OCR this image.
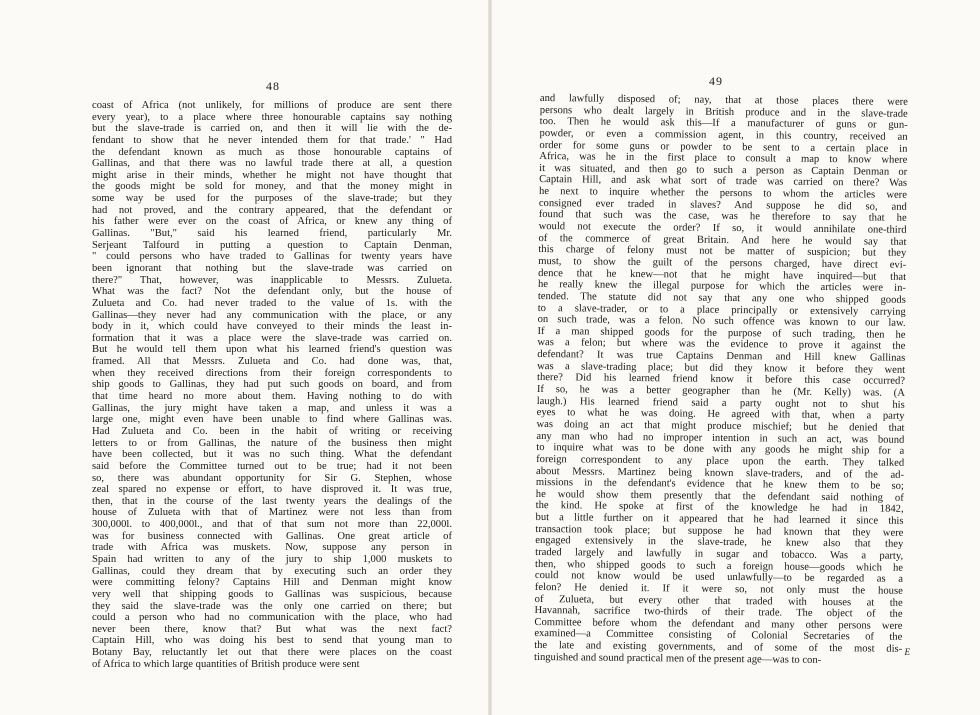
48
coast of Africa (not unlikely, for millions of produce are sent there
every year), to a place where three honourable captains say nothing
but the slave-trade is carried on, and then it will lie with the de-
fendant to show that he never intended them for that trade.' " Had
the defendant known as much as those honourable captains of
Gallinas, and that there was no lawful trade there at all, a question
might arise in their minds, whether he might not have thought that
the goods might be sold for money, and that the money might in
some way be used for the purposes of the slave-trade; but they
had not proved, and the contrary appeared, that the defendant or
his father were ever on the coast of Africa, or knew any thing of
Gallinas. "But," said his learned friend, particularly Mr.
Serjeant Talfourd in putting a question to Captain Denman,
" could persons who have traded to Gallinas for twenty years have
been ignorant that nothing but the slave-trade was carried on
there?" That, however, was inapplicable to Messrs. Zulueta.
What was the fact? Not the defendant only, but the house of
Zulueta and Co. had never traded to the value of 1s. with the
Gallinas—they never had any communication with the place, or any
body in it, which could have conveyed to their minds the least in-
formation that it was a place were the slave-trade was carried on.
But he would tell them upon what his learned friend's question was
framed. All that Messrs. Zulueta and Co. had done was, that,
when they received directions from their foreign correspondents to
ship goods to Gallinas, they had put such goods on board, and from
that time heard no more about them. Having nothing to do with
Gallinas, the jury might have taken a map, and unless it was a
large one, might even have been unable to find where Gallinas was.
Had Zulueta and Co. been in the habit of writing or receiving
letters to or from Gallinas, the nature of the business then might
have been collected, but it was no such thing. What the defendant
said before the Committee turned out to be true; had it not been
so, there was abundant opportunity for Sir G. Stephen, whose
zeal spared no expense or effort, to have disproved it. It was true,
then, that in the course of the last twenty years the dealings of the
house of Zulueta with that of Martinez were not less than from
300,000l. to 400,000l., and that of that sum not more than 22,000l.
was for business connected with Gallinas. One great article of
trade with Africa was muskets. Now, suppose any person in
Spain had written to any of the jury to ship 1,000 muskets to
Gallinas, could they dream that by executing such an order they
were committing felony? Captains Hill and Denman might know
very well that shipping goods to Gallinas was suspicious, because
they said the slave-trade was the only one carried on there; but
could a person who had no communication with the place, who had
never been there, know that? But what was the next fact?
Captain Hill, who was doing his best to send that young man to
Botany Bay, reluctantly let out that there were places on the coast
of Africa to which large quantities of British produce were sent
49
and lawfully disposed of; nay, that at those places there were
persons who dealt largely in British produce and in the slave-trade
too. Then he would ask this—If a manufacturer of guns or gun-
powder, or even a commission agent, in this country, received an
order for some guns or powder to be sent to a certain place in
Africa, was he in the first place to consult a map to know where
it was situated, and then go to such a person as Captain Denman or
Captain Hill, and ask what sort of trade was carried on there? Was
he next to inquire whether the persons to whom the articles were
consigned ever traded in slaves? And suppose he did so, and
found that such was the case, was he therefore to say that he
would not execute the order? If so, it would annihilate one-third
of the commerce of great Britain. And here he would say that
this charge of felony must not be matter of suspicion; but they
must, to show the guilt of the persons charged, have direct evi-
dence that he knew—not that he might have inquired—but that
he really knew the illegal purpose for which the articles were in-
tended. The statute did not say that any one who shipped goods
to a slave-trader, or to a place principally or extensively carrying
on such trade, was a felon. No such offence was known to our law.
If a man shipped goods for the purpose of such trading, then he
was a felon; but where was the evidence to prove it against the
defendant? It was true Captains Denman and Hill knew Gallinas
was a slave-trading place; but did they know it before they went
there? Did his learned friend know it before this case occurred?
If so, he was a better geographer than he (Mr. Kelly) was. (A
laugh.) His learned friend said a party ought not to shut his
eyes to what he was doing. He agreed with that, when a party
was doing an act that might produce mischief; but he denied that
any man who had no improper intention in such an act, was bound
to inquire what was to be done with any goods he might ship for a
foreign correspondent to any place upon the earth. They talked
about Messrs. Martinez being known slave-traders, and of the ad-
missions in the defendant's evidence that he knew them to be so;
he would show them presently that the defendant said nothing of
the kind. He spoke at first of the knowledge he had in 1842,
but a little further on it appeared that he had learned it since this
transaction took place; but suppose he had known that they were
engaged extensively in the slave-trade, he knew also that they
traded largely and lawfully in sugar and tobacco. Was a party,
then, who shipped goods to such a foreign house—goods which he
could not know would be used unlawfully—to be regarded as a
felon? He denied it. If it were so, not only must the house
of Zulueta, but every other that traded with houses at the
Havannah, sacrifice two-thirds of their trade. The object of the
Committee before whom the defendant and many other persons were
examined—a Committee consisting of Colonial Secretaries of the
the late and existing governments, and of some of the most dis-
tinguished and sound practical men of the present age—was to con-	E
